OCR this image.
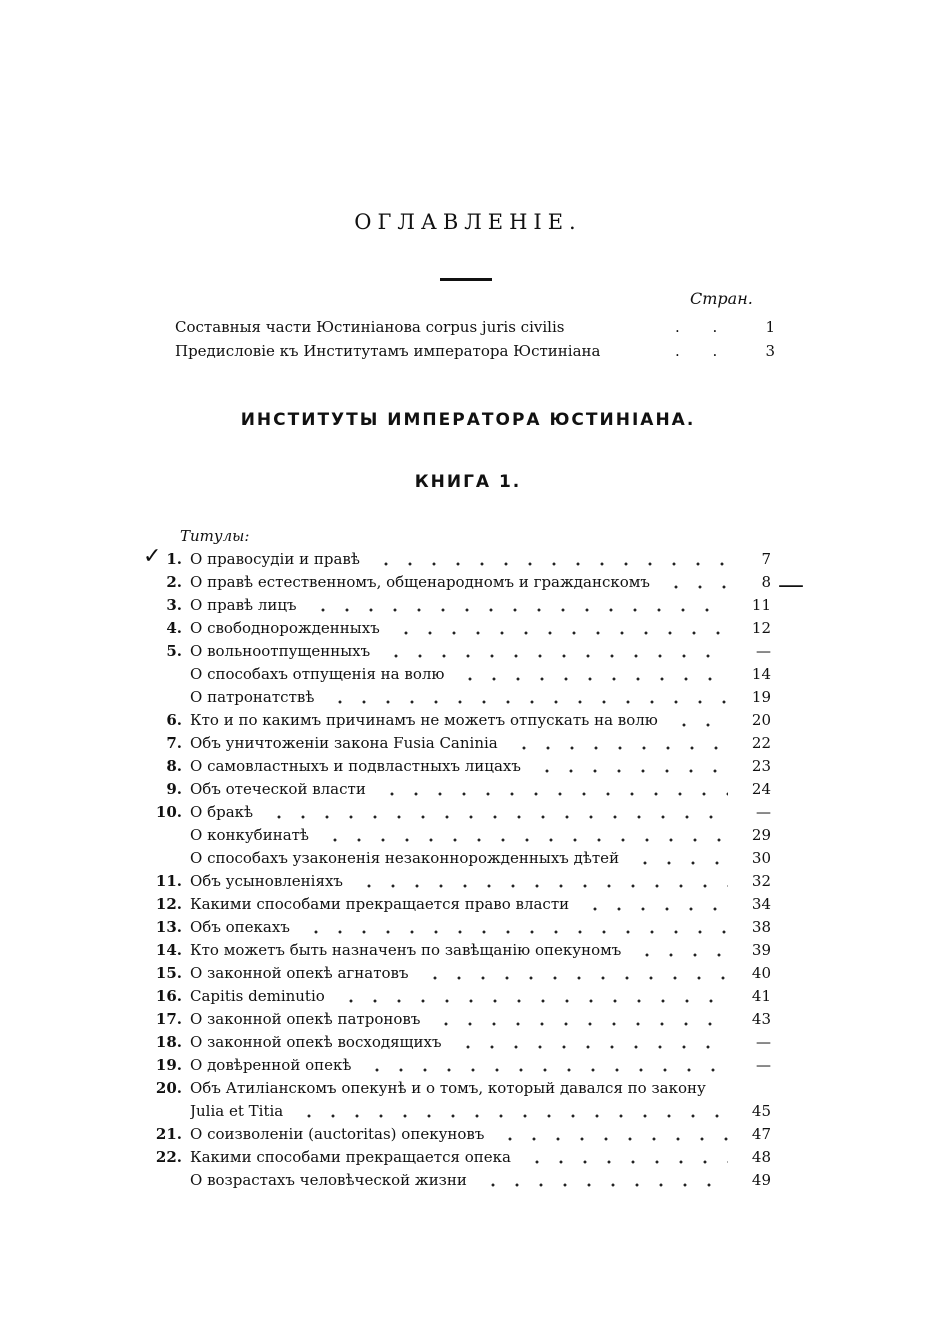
ОГЛАВЛЕНІЕ.
Стран.
Составныя части Юстиніанова corpus juris civilis	. .	1
Предисловіе къ Институтамъ императора Юстиніана	. .	3
ИНСТИТУТЫ ИМПЕРАТОРА ЮСТИНІАНА.
КНИГА 1.
Титулы:
✓
—
1. О правосудіи и правѣ	7
2. О правѣ естественномъ, общенародномъ и гражданскомъ	8
3. О правѣ лицъ	11
4. О свободнорожденныхъ	12
5. О вольноотпущенныхъ	—
О способахъ отпущенія на волю	14
О патронатствѣ	19
6. Кто и по какимъ причинамъ не можетъ отпускать на волю	20
7. Объ уничтоженіи закона Fusia Caninia	22
8. О самовластныхъ и подвластныхъ лицахъ	23
9. Объ отеческой власти	24
10. О бракѣ	—
О конкубинатѣ	29
О способахъ узаконенія незаконнорожденныхъ дѣтей	30
11. Объ усыновленіяхъ	32
12. Какими способами прекращается право власти	34
13. Объ опекахъ	38
14. Кто можетъ быть назначенъ по завѣщанію опекуномъ	39
15. О законной опекѣ агнатовъ	40
16. Capitis deminutio	41
17. О законной опекѣ патроновъ	43
18. О законной опекѣ восходящихъ	—
19. О довѣренной опекѣ	—
20. Объ Атиліанскомъ опекунѣ и о томъ, который давался по закону
Julia et Titia	45
21. О соизволеніи (auctoritas) опекуновъ	47
22. Какими способами прекращается опека	48
О возрастахъ человѣческой жизни	49
